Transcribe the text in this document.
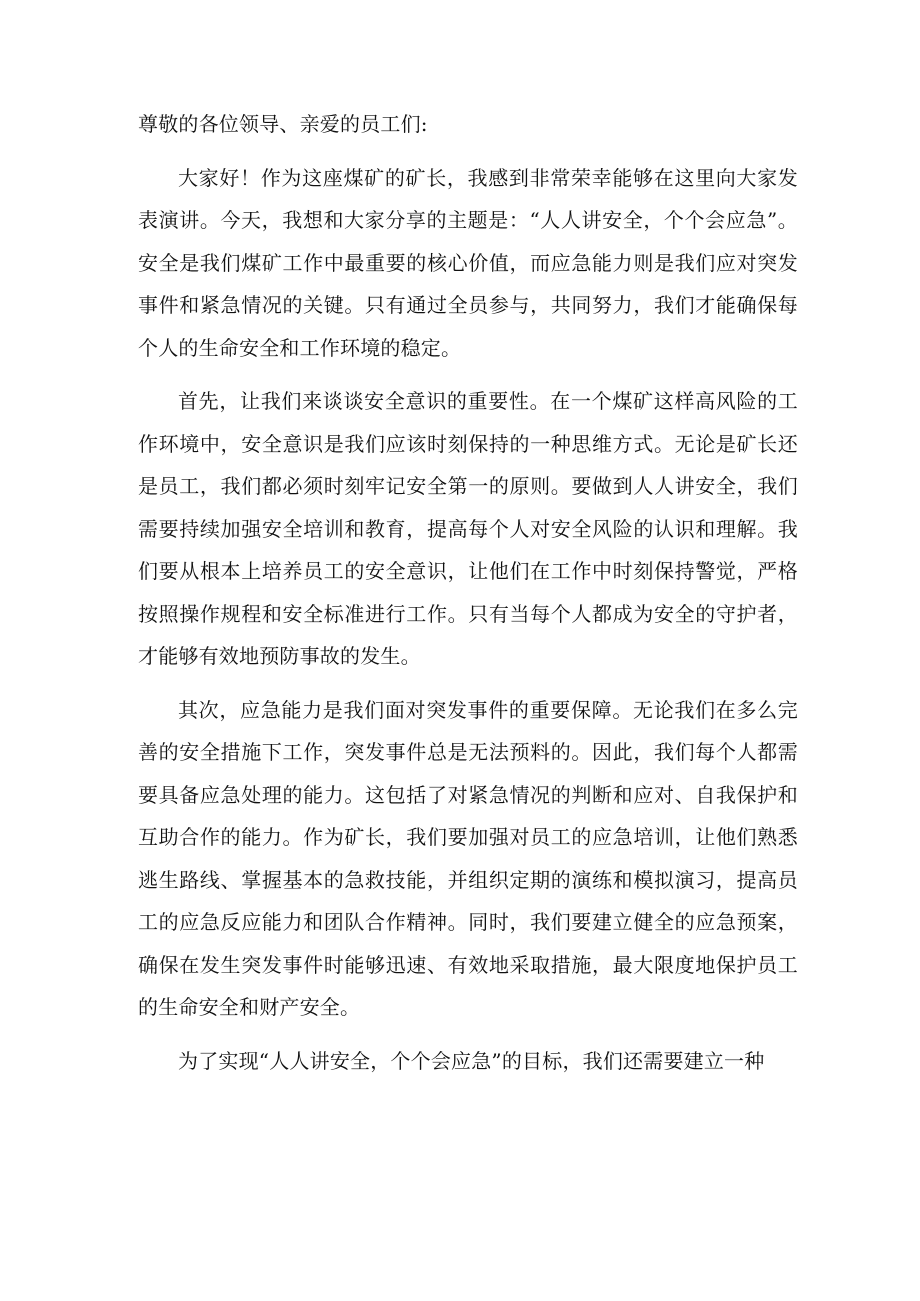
尊敬的各位领导、亲爱的员工们:

大家好！作为这座煤矿的矿长，我感到非常荣幸能够在这里向大家发表演讲。今天，我想和大家分享的主题是：“人人讲安全，个个会应急”。安全是我们煤矿工作中最重要的核心价值，而应急能力则是我们应对突发事件和紧急情况的关键。只有通过全员参与，共同努力，我们才能确保每个人的生命安全和工作环境的稳定。

首先，让我们来谈谈安全意识的重要性。在一个煤矿这样高风险的工作环境中，安全意识是我们应该时刻保持的一种思维方式。无论是矿长还是员工，我们都必须时刻牢记安全第一的原则。要做到人人讲安全，我们需要持续加强安全培训和教育，提高每个人对安全风险的认识和理解。我们要从根本上培养员工的安全意识，让他们在工作中时刻保持警觉，严格按照操作规程和安全标准进行工作。只有当每个人都成为安全的守护者，才能够有效地预防事故的发生。

其次，应急能力是我们面对突发事件的重要保障。无论我们在多么完善的安全措施下工作，突发事件总是无法预料的。因此，我们每个人都需要具备应急处理的能力。这包括了对紧急情况的判断和应对、自我保护和互助合作的能力。作为矿长，我们要加强对员工的应急培训，让他们熟悉逃生路线、掌握基本的急救技能，并组织定期的演练和模拟演习，提高员工的应急反应能力和团队合作精神。同时，我们要建立健全的应急预案，确保在发生突发事件时能够迅速、有效地采取措施，最大限度地保护员工的生命安全和财产安全。

为了实现“人人讲安全，个个会应急”的目标，我们还需要建立一种
